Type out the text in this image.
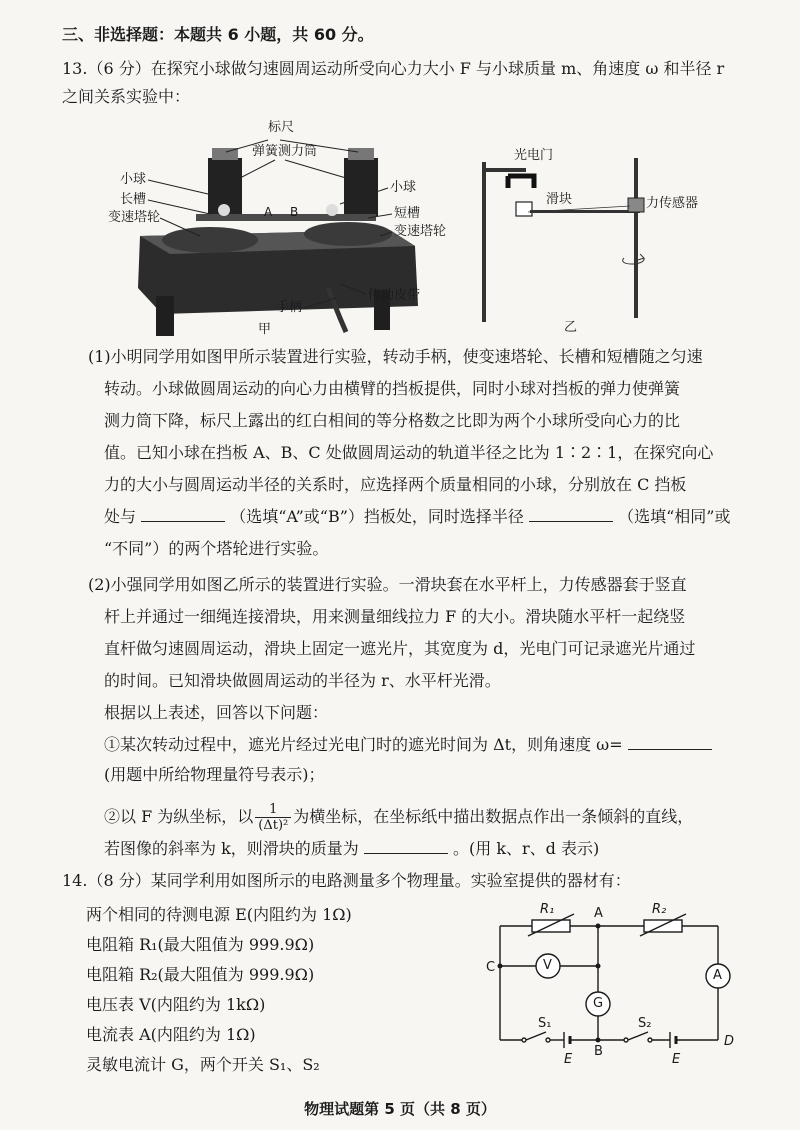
三、非选择题：本题共 6 小题，共 60 分。
13.（6 分）在探究小球做匀速圆周运动所受向心力大小 F 与小球质量 m、角速度 ω 和半径 r
之间关系实验中：
标尺
弹簧测力筒
小球
长槽
变速塔轮
小球
短槽
变速塔轮
A B
手柄
传动皮带
甲
光电门
滑块	力传感器
乙
(1)小明同学用如图甲所示装置进行实验，转动手柄，使变速塔轮、长槽和短槽随之匀速
转动。小球做圆周运动的向心力由横臂的挡板提供，同时小球对挡板的弹力使弹簧
测力筒下降，标尺上露出的红白相间的等分格数之比即为两个小球所受向心力的比
值。已知小球在挡板 A、B、C 处做圆周运动的轨道半径之比为 1∶2∶1，在探究向心
力的大小与圆周运动半径的关系时，应选择两个质量相同的小球，分别放在 C 挡板
处与	（选填“A”或“B”）挡板处，同时选择半径	（选填“相同”或
“不同”）的两个塔轮进行实验。
(2)小强同学用如图乙所示的装置进行实验。一滑块套在水平杆上，力传感器套于竖直
杆上并通过一细绳连接滑块，用来测量细线拉力 F 的大小。滑块随水平杆一起绕竖
直杆做匀速圆周运动，滑块上固定一遮光片，其宽度为 d，光电门可记录遮光片通过
的时间。已知滑块做圆周运动的半径为 r、水平杆光滑。
根据以上表述，回答以下问题：
①某次转动过程中，遮光片经过光电门时的遮光时间为 Δt，则角速度 ω=
(用题中所给物理量符号表示)；
②以 F 为纵坐标，以 $\frac{1}{\text{(Δt)²}}$ 为横坐标，在坐标纸中描出数据点作出一条倾斜的直线，
若图像的斜率为 k，则滑块的质量为	。(用 k、r、d 表示)
14.（8 分）某同学利用如图所示的电路测量多个物理量。实验室提供的器材有：
两个相同的待测电源 E(内阻约为 1Ω)
电阻箱 R₁(最大阻值为 999.9Ω)
电阻箱 R₂(最大阻值为 999.9Ω)
电压表 V(内阻约为 1kΩ)
电流表 A(内阻约为 1Ω)
灵敏电流计 G，两个开关 S₁、S₂
R₁	R₂
A
C	V
G
A
S₁	S₂
E	E
B
D
物理试题第 5 页（共 8 页）
